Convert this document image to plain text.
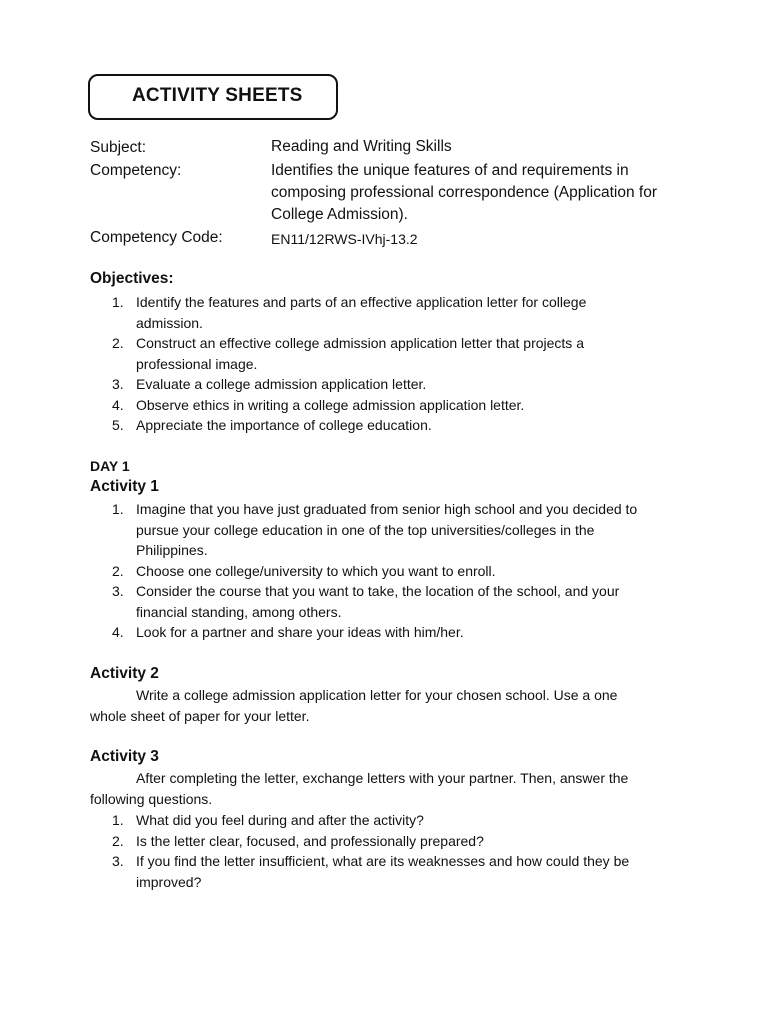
ACTIVITY SHEETS
Subject:	Reading and Writing Skills
Competency:	Identifies the unique features of and requirements in
composing professional correspondence (Application for
College Admission).
Competency Code:	EN11/12RWS-IVhj-13.2
Objectives:
1. Identify the features and parts of an effective application letter for college
admission.
2. Construct an effective college admission application letter that projects a
professional image.
3. Evaluate a college admission application letter.
4. Observe ethics in writing a college admission application letter.
5. Appreciate the importance of college education.
DAY 1
Activity 1
1. Imagine that you have just graduated from senior high school and you decided to
pursue your college education in one of the top universities/colleges in the
Philippines.
2. Choose one college/university to which you want to enroll.
3. Consider the course that you want to take, the location of the school, and your
financial standing, among others.
4. Look for a partner and share your ideas with him/her.
Activity 2
Write a college admission application letter for your chosen school. Use a one
whole sheet of paper for your letter.
Activity 3
After completing the letter, exchange letters with your partner. Then, answer the
following questions.
1. What did you feel during and after the activity?
2. Is the letter clear, focused, and professionally prepared?
3. If you find the letter insufficient, what are its weaknesses and how could they be
improved?
